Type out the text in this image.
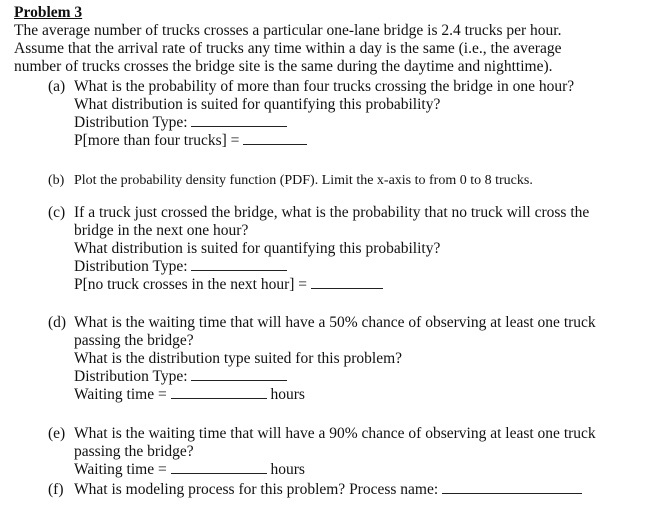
Problem 3
The average number of trucks crosses a particular one-lane bridge is 2.4 trucks per hour.
Assume that the arrival rate of trucks any time within a day is the same (i.e., the average
number of trucks crosses the bridge site is the same during the daytime and nighttime).
(a) What is the probability of more than four trucks crossing the bridge in one hour?
What distribution is suited for quantifying this probability?
Distribution Type:
P[more than four trucks] =
(b) Plot the probability density function (PDF). Limit the x-axis to from 0 to 8 trucks.
(c) If a truck just crossed the bridge, what is the probability that no truck will cross the
bridge in the next one hour?
What distribution is suited for quantifying this probability?
Distribution Type:
P[no truck crosses in the next hour] =
(d) What is the waiting time that will have a 50% chance of observing at least one truck
passing the bridge?
What is the distribution type suited for this problem?
Distribution Type:
Waiting time =	hours
(e) What is the waiting time that will have a 90% chance of observing at least one truck
passing the bridge?
Waiting time =	hours
(f) What is modeling process for this problem? Process name:
